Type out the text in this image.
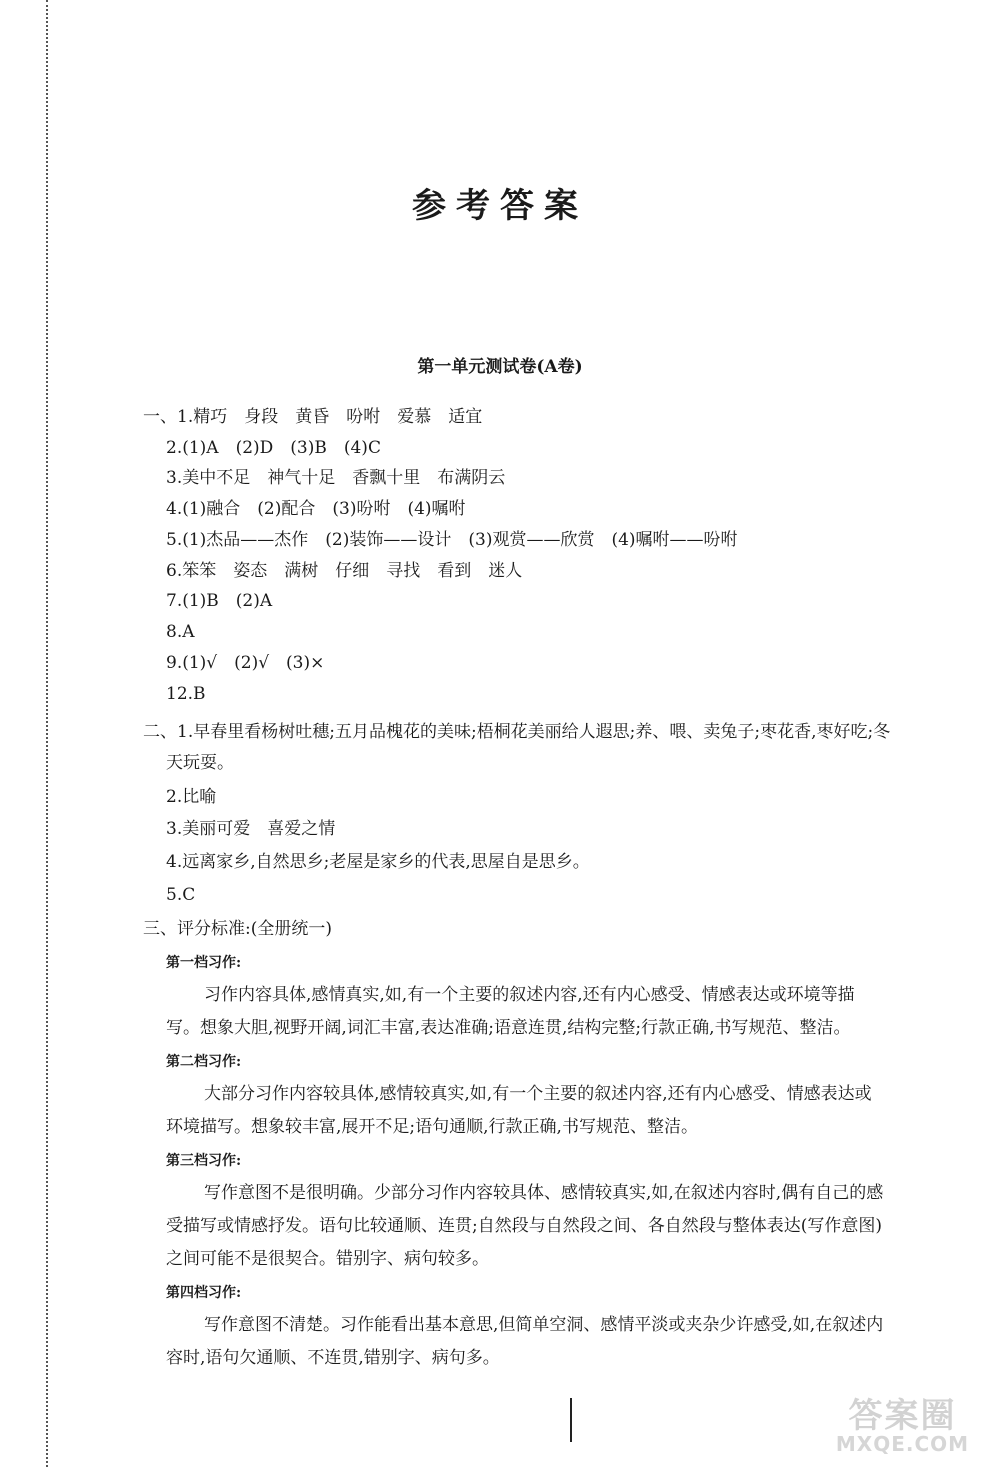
参考答案
第一单元测试卷(A卷)
一、1.精巧　身段　黄昏　吩咐　爱慕　适宜
2.(1)A　(2)D　(3)B　(4)C
3.美中不足　神气十足　香飘十里　布满阴云
4.(1)融合　(2)配合　(3)吩咐　(4)嘱咐
5.(1)杰品——杰作　(2)装饰——设计　(3)观赏——欣赏　(4)嘱咐——吩咐
6.笨笨　姿态　满树　仔细　寻找　看到　迷人
7.(1)B　(2)A
8.A
9.(1)√　(2)√　(3)×
12.B
二、1.早春里看杨树吐穗;五月品槐花的美味;梧桐花美丽给人遐思;养、喂、卖兔子;枣花香,枣好吃;冬
天玩耍。
2.比喻
3.美丽可爱　喜爱之情
4.远离家乡,自然思乡;老屋是家乡的代表,思屋自是思乡。
5.C
三、评分标准:(全册统一)
第一档习作:
习作内容具体,感情真实,如,有一个主要的叙述内容,还有内心感受、情感表达或环境等描
写。想象大胆,视野开阔,词汇丰富,表达准确;语意连贯,结构完整;行款正确,书写规范、整洁。
第二档习作:
大部分习作内容较具体,感情较真实,如,有一个主要的叙述内容,还有内心感受、情感表达或
环境描写。想象较丰富,展开不足;语句通顺,行款正确,书写规范、整洁。
第三档习作:
写作意图不是很明确。少部分习作内容较具体、感情较真实,如,在叙述内容时,偶有自己的感
受描写或情感抒发。语句比较通顺、连贯;自然段与自然段之间、各自然段与整体表达(写作意图)
之间可能不是很契合。错别字、病句较多。
第四档习作:
写作意图不清楚。习作能看出基本意思,但简单空洞、感情平淡或夹杂少许感受,如,在叙述内
容时,语句欠通顺、不连贯,错别字、病句多。
答案圈
MXQE.COM
